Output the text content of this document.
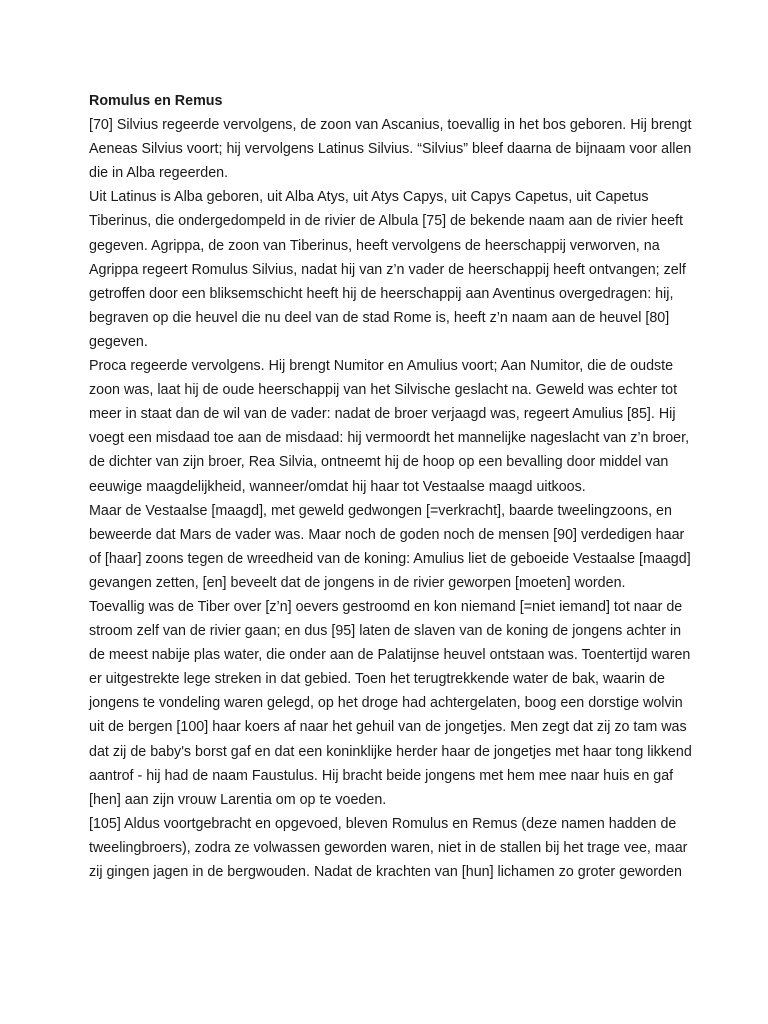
Romulus en Remus

[70] Silvius regeerde vervolgens, de zoon van Ascanius, toevallig in het bos geboren. Hij brengt
Aeneas Silvius voort; hij vervolgens Latinus Silvius. “Silvius” bleef daarna de bijnaam voor allen
die in Alba regeerden.

Uit Latinus is Alba geboren, uit Alba Atys, uit Atys Capys, uit Capys Capetus, uit Capetus
Tiberinus, die ondergedompeld in de rivier de Albula [75] de bekende naam aan de rivier heeft
gegeven. Agrippa, de zoon van Tiberinus, heeft vervolgens de heerschappij verworven, na
Agrippa regeert Romulus Silvius, nadat hij van z’n vader de heerschappij heeft ontvangen; zelf
getroffen door een bliksemschicht heeft hij de heerschappij aan Aventinus overgedragen: hij,
begraven op die heuvel die nu deel van de stad Rome is, heeft z’n naam aan de heuvel [80]
gegeven.

Proca regeerde vervolgens. Hij brengt Numitor en Amulius voort; Aan Numitor, die de oudste
zoon was, laat hij de oude heerschappij van het Silvische geslacht na. Geweld was echter tot
meer in staat dan de wil van de vader: nadat de broer verjaagd was, regeert Amulius [85]. Hij
voegt een misdaad toe aan de misdaad: hij vermoordt het mannelijke nageslacht van z’n broer,
de dichter van zijn broer, Rea Silvia, ontneemt hij de hoop op een bevalling door middel van
eeuwige maagdelijkheid, wanneer/omdat hij haar tot Vestaalse maagd uitkoos.

Maar de Vestaalse [maagd], met geweld gedwongen [=verkracht], baarde tweelingzoons, en
beweerde dat Mars de vader was. Maar noch de goden noch de mensen [90] verdedigen haar
of [haar] zoons tegen de wreedheid van de koning: Amulius liet de geboeide Vestaalse [maagd]
gevangen zetten, [en] beveelt dat de jongens in de rivier geworpen [moeten] worden.

Toevallig was de Tiber over [z’n] oevers gestroomd en kon niemand [=niet iemand] tot naar de
stroom zelf van de rivier gaan; en dus [95] laten de slaven van de koning de jongens achter in
de meest nabije plas water, die onder aan de Palatijnse heuvel ontstaan was. Toentertijd waren
er uitgestrekte lege streken in dat gebied. Toen het terugtrekkende water de bak, waarin de
jongens te vondeling waren gelegd, op het droge had achtergelaten, boog een dorstige wolvin
uit de bergen [100] haar koers af naar het gehuil van de jongetjes. Men zegt dat zij zo tam was
dat zij de baby's borst gaf en dat een koninklijke herder haar de jongetjes met haar tong likkend
aantrof - hij had de naam Faustulus. Hij bracht beide jongens met hem mee naar huis en gaf
[hen] aan zijn vrouw Larentia om op te voeden.

[105] Aldus voortgebracht en opgevoed, bleven Romulus en Remus (deze namen hadden de
tweelingbroers), zodra ze volwassen geworden waren, niet in de stallen bij het trage vee, maar
zij gingen jagen in de bergwouden. Nadat de krachten van [hun] lichamen zo groter geworden
